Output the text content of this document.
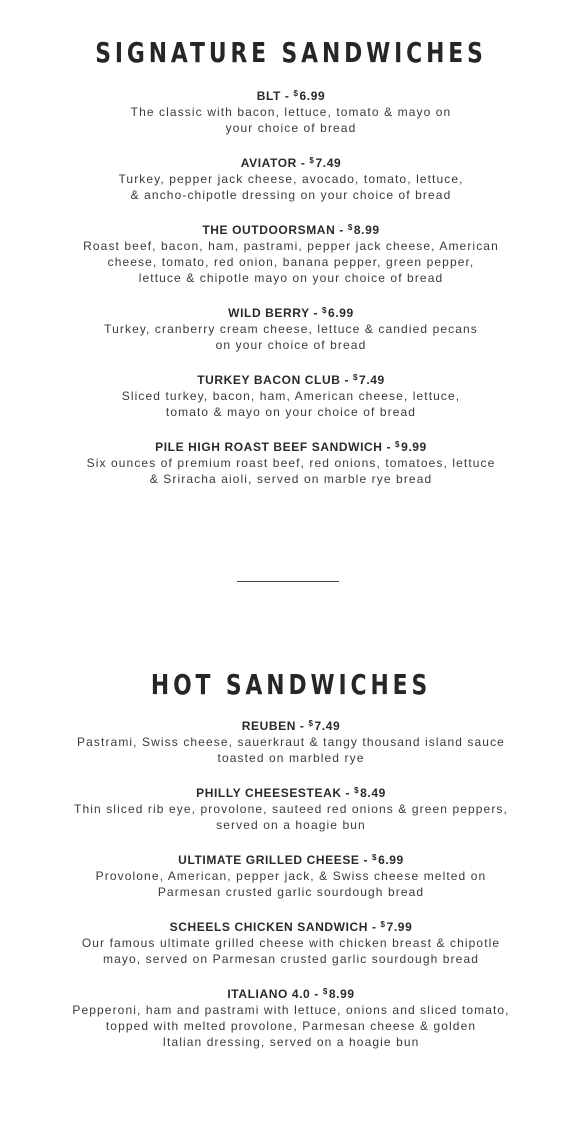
SIGNATURE SANDWICHES
BLT - $6.99
The classic with bacon, lettuce, tomato & mayo on
your choice of bread
AVIATOR - $7.49
Turkey, pepper jack cheese, avocado, tomato, lettuce,
& ancho-chipotle dressing on your choice of bread
THE OUTDOORSMAN - $8.99
Roast beef, bacon, ham, pastrami, pepper jack cheese, American
cheese, tomato, red onion, banana pepper, green pepper,
lettuce & chipotle mayo on your choice of bread
WILD BERRY - $6.99
Turkey, cranberry cream cheese, lettuce & candied pecans
on your choice of bread
TURKEY BACON CLUB - $7.49
Sliced turkey, bacon, ham, American cheese, lettuce,
tomato & mayo on your choice of bread
PILE HIGH ROAST BEEF SANDWICH - $9.99
Six ounces of premium roast beef, red onions, tomatoes, lettuce
& Sriracha aioli, served on marble rye bread
HOT SANDWICHES
REUBEN - $7.49
Pastrami, Swiss cheese, sauerkraut & tangy thousand island sauce
toasted on marbled rye
PHILLY CHEESESTEAK - $8.49
Thin sliced rib eye, provolone, sauteed red onions & green peppers,
served on a hoagie bun
ULTIMATE GRILLED CHEESE - $6.99
Provolone, American, pepper jack, & Swiss cheese melted on
Parmesan crusted garlic sourdough bread
SCHEELS CHICKEN SANDWICH - $7.99
Our famous ultimate grilled cheese with chicken breast & chipotle
mayo, served on Parmesan crusted garlic sourdough bread
ITALIANO 4.0 - $8.99
Pepperoni, ham and pastrami with lettuce, onions and sliced tomato,
topped with melted provolone, Parmesan cheese & golden
Italian dressing, served on a hoagie bun
